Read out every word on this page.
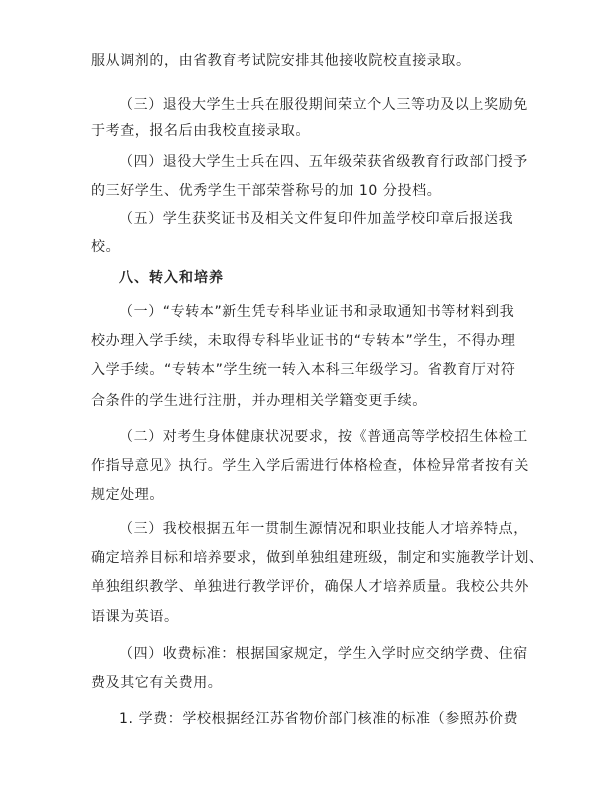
服从调剂的，由省教育考试院安排其他接收院校直接录取。
（三）退役大学生士兵在服役期间荣立个人三等功及以上奖励免
于考查，报名后由我校直接录取。
（四）退役大学生士兵在四、五年级荣获省级教育行政部门授予
的三好学生、优秀学生干部荣誉称号的加 10 分投档。
（五）学生获奖证书及相关文件复印件加盖学校印章后报送我
校。
八、转入和培养
（一）“专转本”新生凭专科毕业证书和录取通知书等材料到我
校办理入学手续，未取得专科毕业证书的“专转本”学生，不得办理
入学手续。“专转本”学生统一转入本科三年级学习。省教育厅对符
合条件的学生进行注册，并办理相关学籍变更手续。
（二）对考生身体健康状况要求，按《普通高等学校招生体检工
作指导意见》执行。学生入学后需进行体格检查，体检异常者按有关
规定处理。
（三）我校根据五年一贯制生源情况和职业技能人才培养特点，
确定培养目标和培养要求，做到单独组建班级，制定和实施教学计划、
单独组织教学、单独进行教学评价，确保人才培养质量。我校公共外
语课为英语。
（四）收费标准：根据国家规定，学生入学时应交纳学费、住宿
费及其它有关费用。
1. 学费：学校根据经江苏省物价部门核准的标准（参照苏价费
